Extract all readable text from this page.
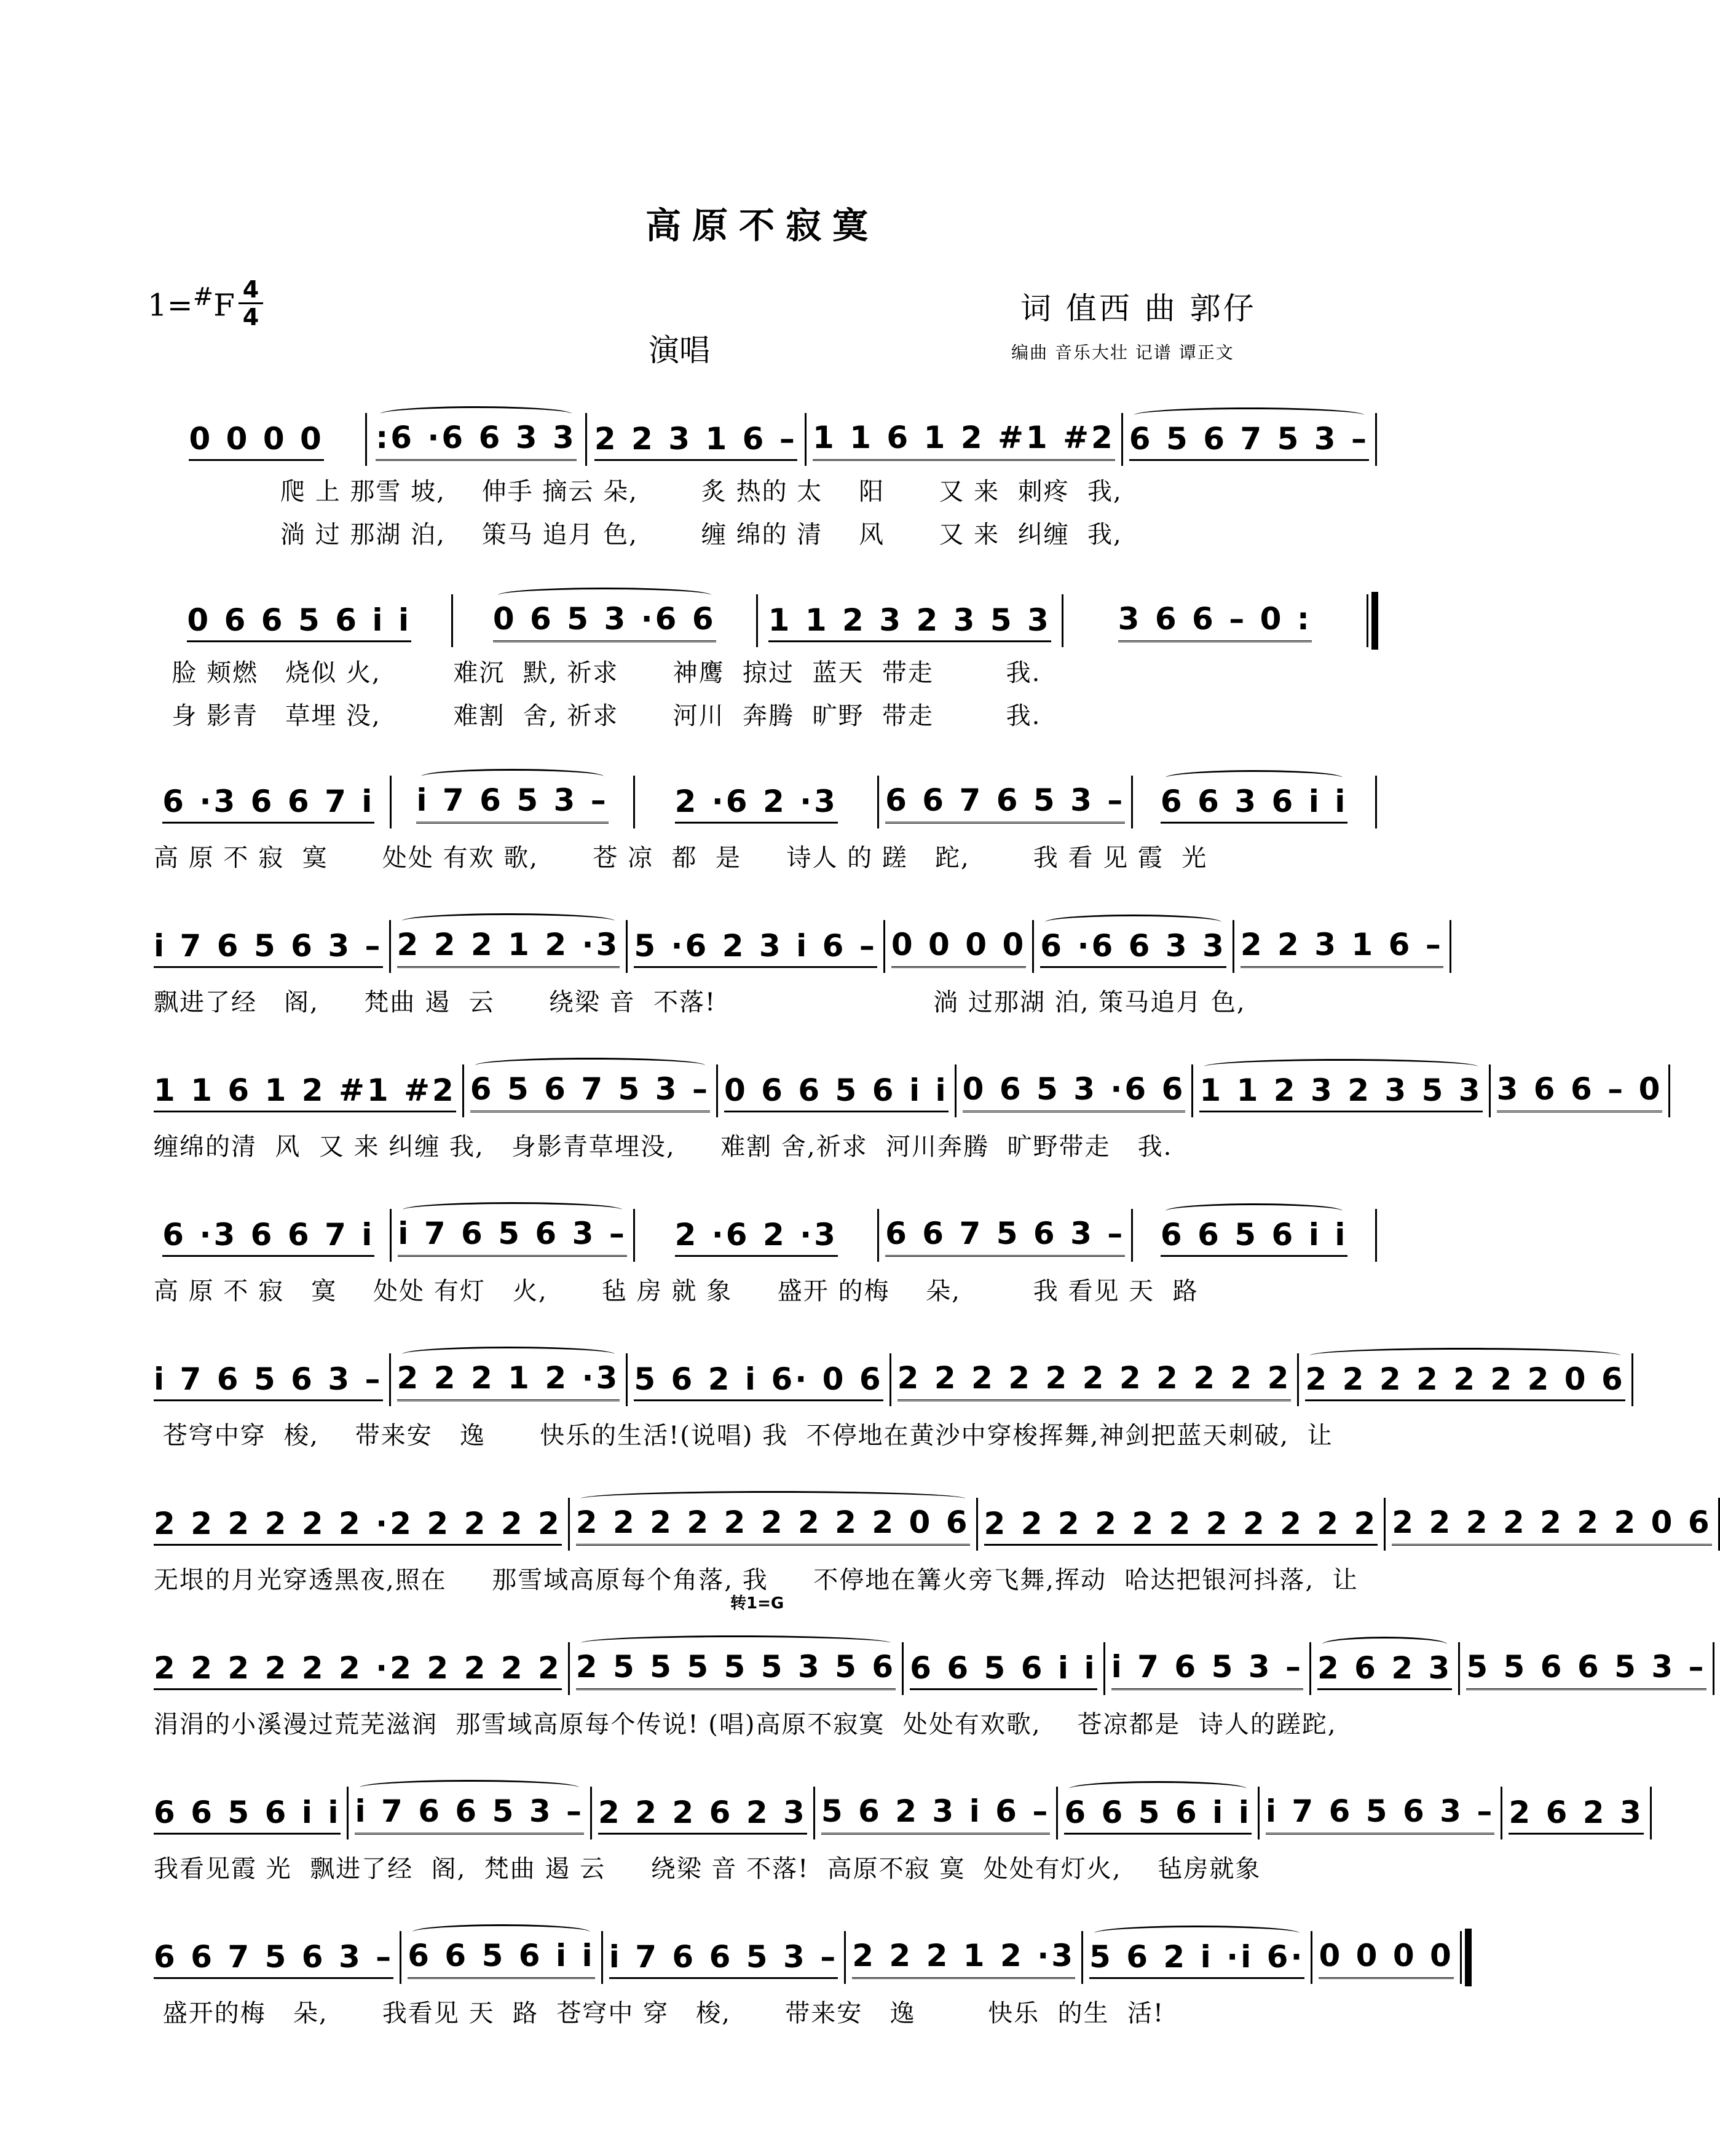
高原不寂寞
1=#F 4
4	词 值西 曲 郭仔
演唱	编曲 音乐大壮 记谱 谭正文
转1=G
0 0 0 0 :6 ·6 6 3 3 2 2 3 1 6 – 1 1 6 1 2 #1 #2 6 5 6 7 5 3 –
爬 上 那雪 坡,    伸手 摘云 朵,       炙 热的 太    阳      又 来  刺疼  我,
淌 过 那湖 泊,    策马 追月 色,       缠 绵的 清    风      又 来  纠缠  我,
0 6 6 5 6 i i	0 6 5 3 ·6 6 1 1 2 3 2 3 5 3 3 6 6 – 0 :
脸 颊燃   烧似 火,        难沉  默, 祈求      神鹰  掠过  蓝天  带走        我.
身 影青   草埋 没,        难割  舍, 祈求      河川  奔腾  旷野  带走        我.
6 ·3 6 6 7 i i 7 6 5 3 – 2 ·6 2 ·3 6 6 7 6 5 3 – 6 6 3 6 i i
高 原 不 寂  寞      处处 有欢 歌,      苍 凉  都  是     诗人 的 蹉   跎,       我 看 见 霞  光
i 7 6 5 6 3 – 2 2 2 1 2 ·3 5 ·6 2 3 i 6 – 0 0 0 0 6 ·6 6 3 3 2 2 3 1 6 –
飘进了经   阁,     梵曲 遏  云      绕梁 音  不落!                        淌 过那湖 泊, 策马追月 色,
1 1 6 1 2 #1 #2 6 5 6 7 5 3 – 0 6 6 5 6 i i 0 6 5 3 ·6 6 1 1 2 3 2 3 5 3 3 6 6 – 0
缠绵的清  风  又 来 纠缠 我,   身影青草埋没,     难割 舍,祈求  河川奔腾  旷野带走   我.
6 ·3 6 6 7 i i 7 6 5 6 3 – 2 ·6 2 ·3 6 6 7 5 6 3 – 6 6 5 6 i i
高 原 不 寂   寞    处处 有灯   火,      毡 房 就 象     盛开 的梅    朵,        我 看见 天  路
i 7 6 5 6 3 – 2 2 2 1 2 ·3 5 6 2 i 6· 0 6 2 2 2 2 2 2 2 2 2 2 2 2 2 2 2 2 2 2 0 6
苍穹中穿  梭,    带来安   逸      快乐的生活!(说唱) 我  不停地在黄沙中穿梭挥舞,神剑把蓝天刺破,  让
2 2 2 2 2 2 ·2 2 2 2 2 2 2 2 2 2 2 2 2 2 0 6 2 2 2 2 2 2 2 2 2 2 2 2 2 2 2 2 2 2 0 6
无垠的月光穿透黑夜,照在     那雪域高原每个角落, 我     不停地在篝火旁飞舞,挥动  哈达把银河抖落,  让
2 2 2 2 2 2 ·2 2 2 2 2 2 5 5 5 5 5 3 5 6 6 6 5 6 i i i 7 6 5 3 – 2 6 2 3 5 5 6 6 5 3 –
涓涓的小溪漫过荒芜滋润  那雪域高原每个传说! (唱)高原不寂寞  处处有欢歌,    苍凉都是  诗人的蹉跎,
6 6 5 6 i i i 7 6 6 5 3 – 2 2 2 6 2 3 5 6 2 3 i 6 – 6 6 5 6 i i i 7 6 5 6 3 – 2 6 2 3
我看见霞 光  飘进了经  阁,  梵曲 遏 云     绕梁 音 不落!  高原不寂 寞  处处有灯火,    毡房就象
6 6 7 5 6 3 – 6 6 5 6 i i i 7 6 6 5 3 – 2 2 2 1 2 ·3 5 6 2 i ·i 6· 0 0 0 0
盛开的梅   朵,      我看见 天  路  苍穹中 穿   梭,      带来安   逸        快乐  的生  活!
